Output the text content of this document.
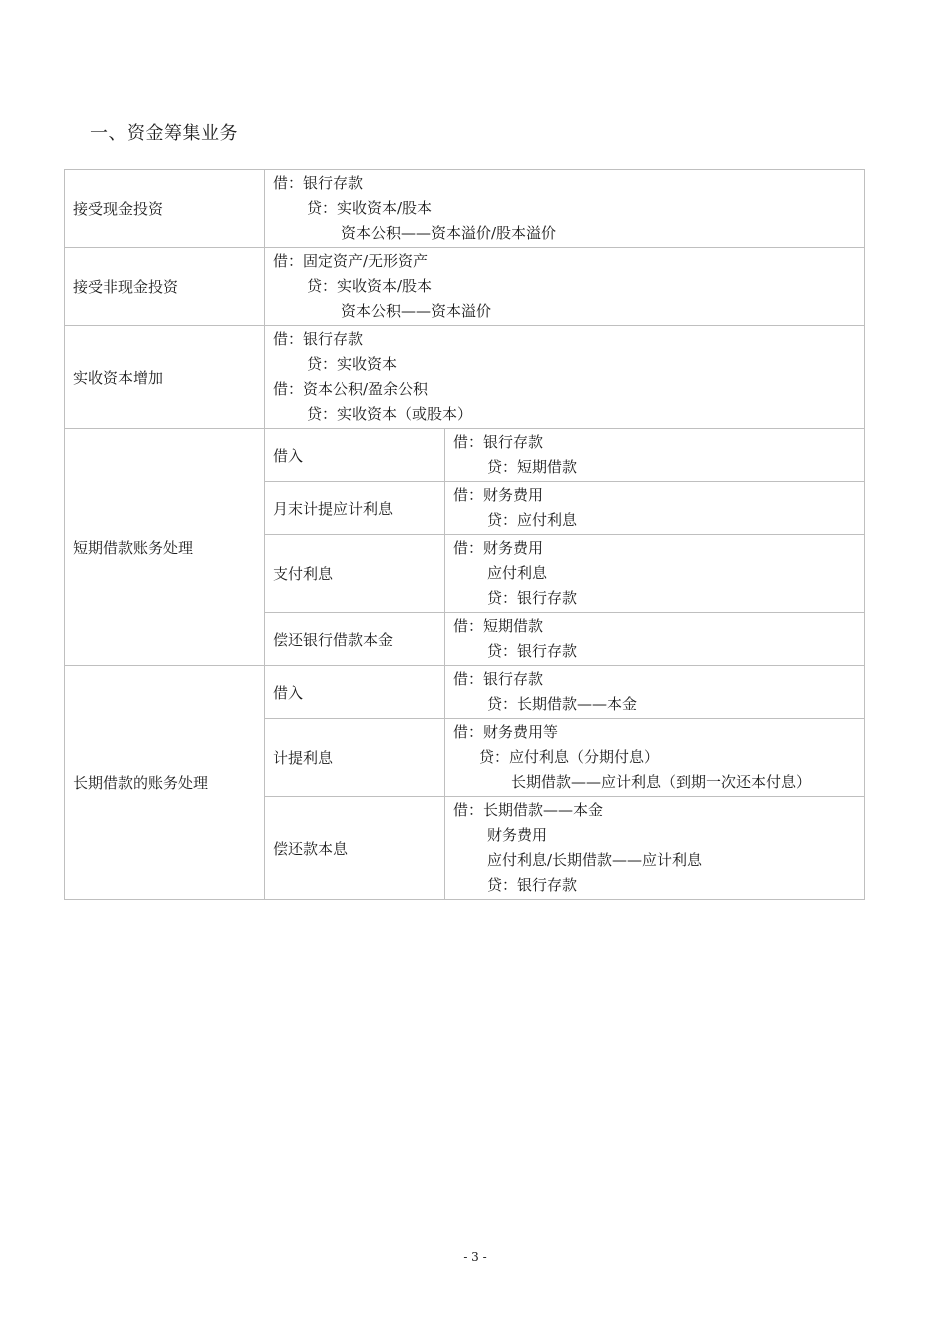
一、资金筹集业务
接受现金投资	借：银行存款
贷：实收资本/股本
资本公积——资本溢价/股本溢价	

接受非现金投资	借：固定资产/无形资产
贷：实收资本/股本
资本公积——资本溢价	

实收资本增加	借：银行存款
贷：实收资本
借：资本公积/盈余公积
贷：实收资本（或股本）	

短期借款账务处理	借入	借：银行存款
贷：短期借款

	月末计提应计利息	借：财务费用
贷：应付利息

	支付利息	借：财务费用
应付利息
贷：银行存款

	偿还银行借款本金	借：短期借款
贷：银行存款

长期借款的账务处理	借入	借：银行存款
贷：长期借款——本金

	计提利息	借：财务费用等
贷：应付利息（分期付息）
长期借款——应计利息（到期一次还本付息）

	偿还款本息	借：长期借款——本金
财务费用
应付利息/长期借款——应计利息
贷：银行存款
- 3 -
